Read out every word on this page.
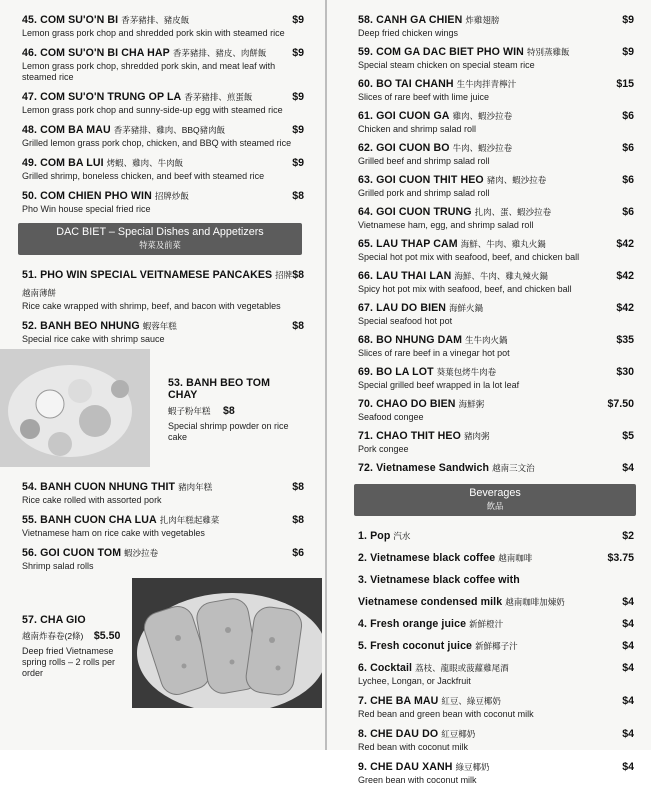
45. COM SU'O'N BI 香茅豬排、豬皮飯	$9
Lemon grass pork chop and shredded pork skin with steamed rice
46. COM SU'O'N BI CHA HAP 香茅豬排、豬皮、肉餅飯 $9
Lemon grass pork chop, shredded pork skin, and meat leaf with steamed rice
47. COM SU'O'N TRUNG OP LA 香茅豬排、煎蛋飯	$9
Lemon grass pork chop and sunny-side-up egg with steamed rice
48. COM BA MAU 香茅豬排、雞肉、BBQ豬肉飯	$9
Grilled lemon grass pork chop, chicken, and BBQ with steamed rice
49. COM BA LUI 烤蝦、雞肉、牛肉飯	$9
Grilled shrimp, boneless chicken, and beef with steamed rice
50. COM CHIEN PHO WIN 招牌炒飯	$8
Pho Win house special fried rice
DAC BIET – Special Dishes and Appetizers
特菜及前菜
51. PHO WIN SPECIAL VEITNAMESE PANCAKES 招牌越南薄餅
$8
Rice cake wrapped with shrimp, beef, and bacon with vegetables
52. BANH BEO NHUNG 蝦蓉年糕	$8
Special rice cake with shrimp sauce
53. BANH BEO TOM CHAY
蝦子粉年糕 $8
Special shrimp powder on rice cake
54. BANH CUON NHUNG THIT 豬肉年糕	$8
Rice cake rolled with assorted pork
55. BANH CUON CHA LUA 扎肉年糕起雞菜	$8
Vietnamese ham on rice cake with vegetables
56. GOI CUON TOM 蝦沙拉卷	$6
Shrimp salad rolls
57. CHA GIO
越南炸春卷(2條) $5.50
Deep fried Vietnamese spring rolls – 2 rolls per order
58. CANH GA CHIEN 炸雞翅膀	$9
Deep fried chicken wings
59. COM GA DAC BIET PHO WIN 特別蒸雞飯	$9
Special steam chicken on special steam rice
60. BO TAI CHANH 生牛肉拌青檸汁	$15
Slices of rare beef with lime juice
61. GOI CUON GA 雞肉、蝦沙拉卷	$6
Chicken and shrimp salad roll
62. GOI CUON BO 牛肉、蝦沙拉卷	$6
Grilled beef and shrimp salad roll
63. GOI CUON THIT HEO 豬肉、蝦沙拉卷	$6
Grilled pork and shrimp salad roll
64. GOI CUON TRUNG 扎肉、蛋、蝦沙拉卷	$6
Vietnamese ham, egg, and shrimp salad roll
65. LAU THAP CAM 海鮮、牛肉、雞丸火鍋	$42
Special hot pot mix with seafood, beef, and chicken ball
66. LAU THAI LAN 海鮮、牛肉、雞丸辣火鍋	$42
Spicy hot pot mix with seafood, beef, and chicken ball
67. LAU DO BIEN 海鮮火鍋	$42
Special seafood hot pot
68. BO NHUNG DAM 生牛肉火鍋	$35
Slices of rare beef in a vinegar hot pot
69. BO LA LOT 葵葉包烤牛肉卷	$30
Special grilled beef wrapped in la lot leaf
70. CHAO DO BIEN 海鮮粥	$7.50
Seafood congee
71. CHAO THIT HEO 豬肉粥	$5
Pork congee
72. Vietnamese Sandwich 越南三文治	$4
Beverages
飲品
1. Pop 汽水	$2
2. Vietnamese black coffee 越南咖啡	$3.75
3. Vietnamese black coffee with
Vietnamese condensed milk 越南咖啡加煉奶	$4
4. Fresh orange juice 新鮮橙汁	$4
5. Fresh coconut juice 新鮮椰子汁	$4
6. Cocktail 荔枝、龍眼或菠蘿雞尾酒	$4
Lychee, Longan, or Jackfruit
7. CHE BA MAU 紅豆、綠豆椰奶	$4
Red bean and green bean with coconut milk
8. CHE DAU DO 紅豆椰奶	$4
Red bean with coconut milk
9. CHE DAU XANH 綠豆椰奶	$4
Green bean with coconut milk
